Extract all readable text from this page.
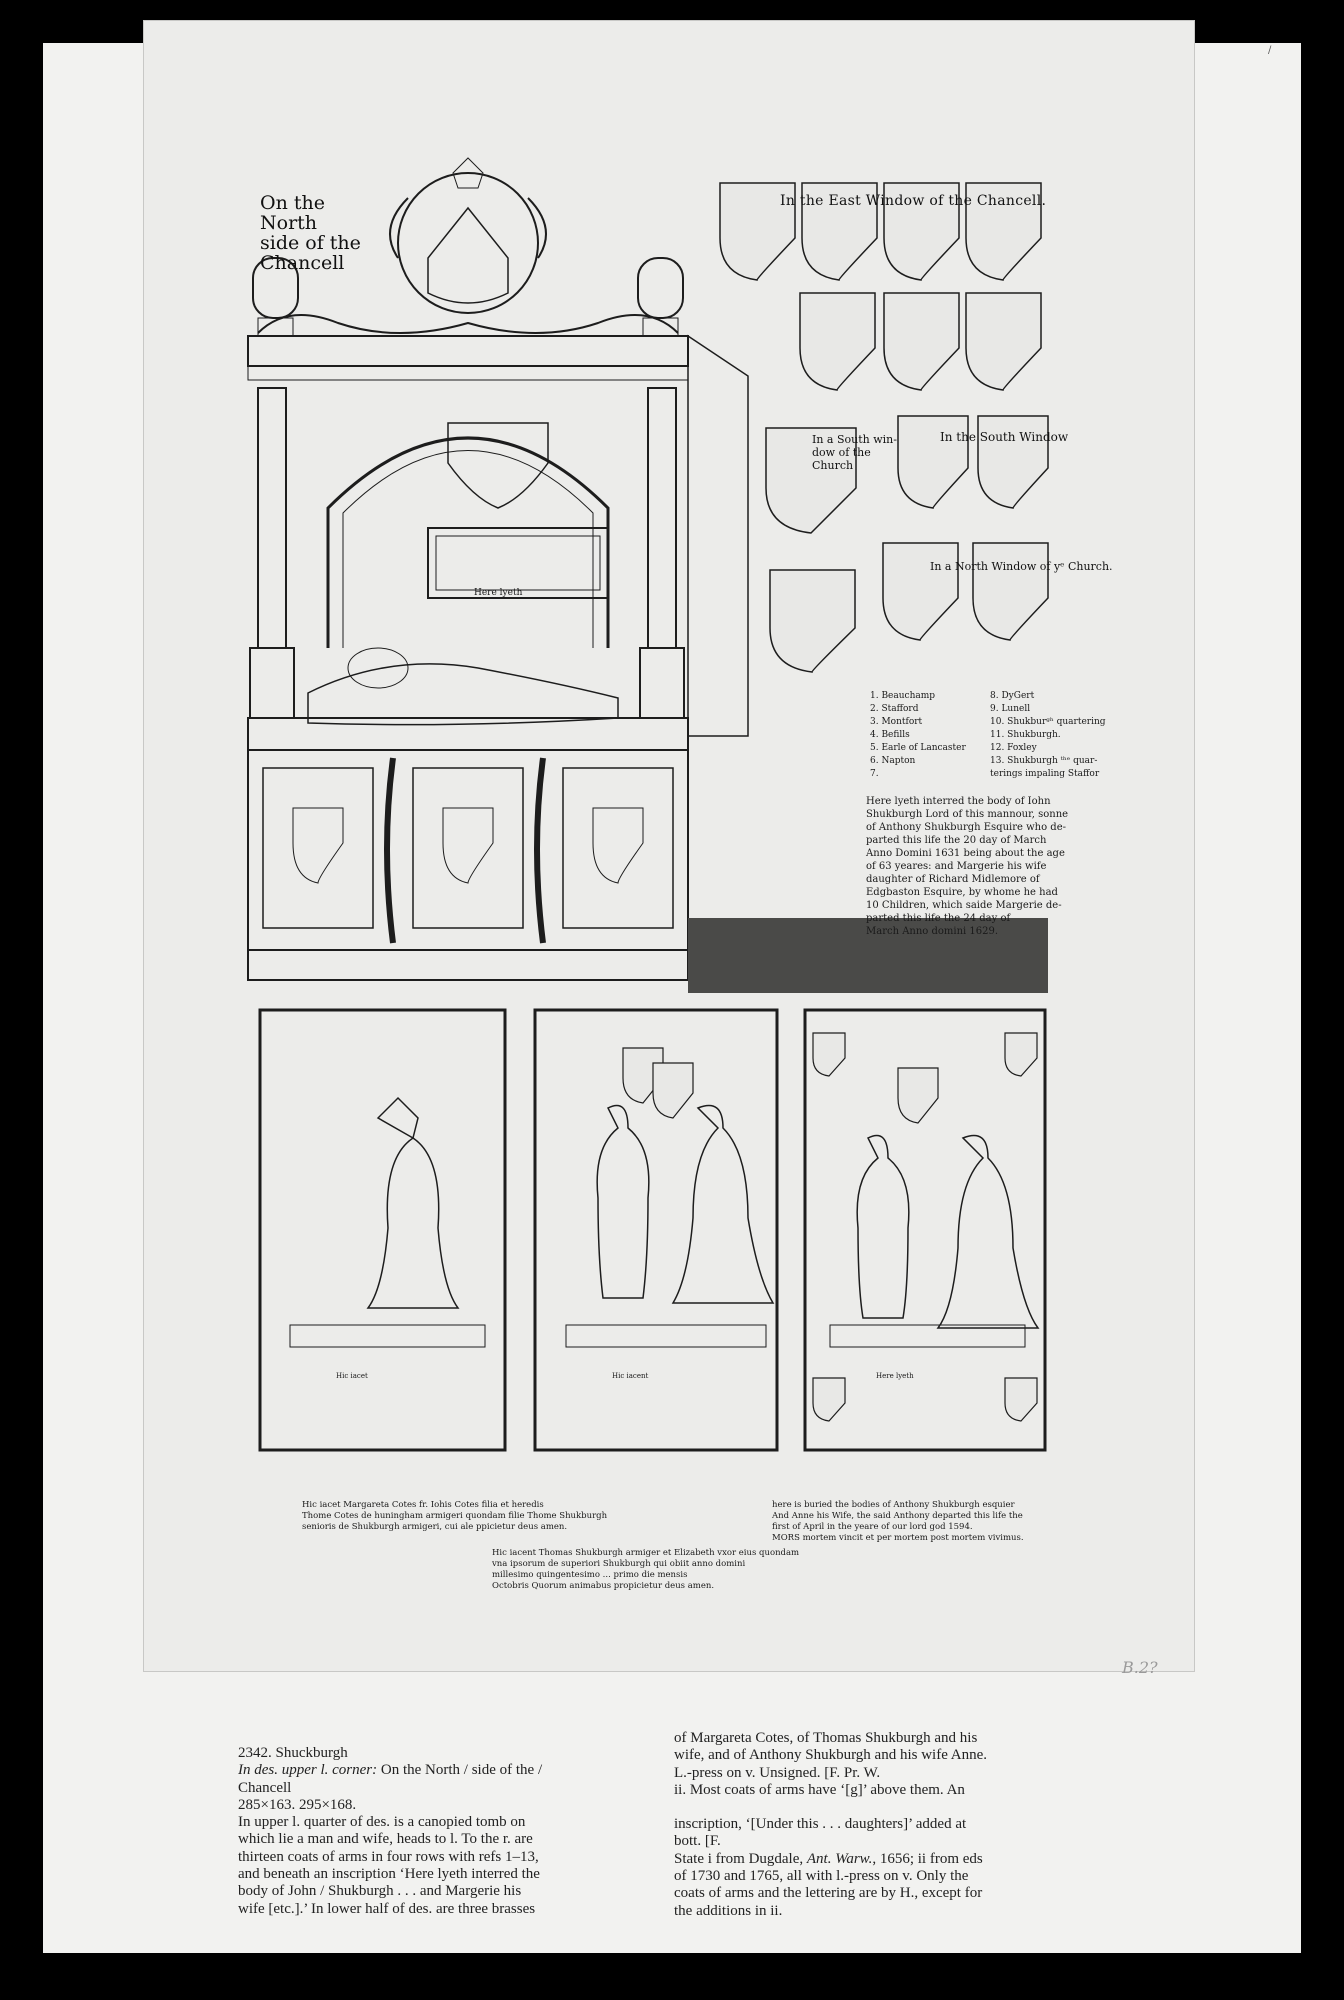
/
On the North
side of the
Chancell
In the East Window of the Chancell.
In a South win-
dow of the Church
In the South Window
In a North Window of yᵉ Church.
Here lyeth
1. Beauchamp
2. Stafford
3. Montfort
4. Befills
5. Earle of Lancaster
6. Napton
7.
8. DyGert
9. Lunell
10. Shukburᵍʰ quartering
11. Shukburgh.
12. Foxley
13. Shukburgh ᵗʰᵉ quar-
terings impaling Staffor
Here lyeth interred the body of Iohn
Shukburgh Lord of this mannour, sonne
of Anthony Shukburgh Esquire who de-
parted this life the 20 day of March
Anno Domini 1631 being about the age
of 63 yeares: and Margerie his wife
daughter of Richard Midlemore of
Edgbaston Esquire, by whome he had
10 Children, which saide Margerie de-
parted this life the 24 day of
March Anno domini 1629.
Hic iacet	Hic iacent	Here lyeth
Hic iacet Margareta Cotes fr. Iohis Cotes filia et heredis
Thome Cotes de huningham armigeri quondam filie Thome Shukburgh
senioris de Shukburgh armigeri, cui ale ppicietur deus amen.
here is buried the bodies of Anthony Shukburgh esquier
And Anne his Wife, the said Anthony departed this life the
first of April in the yeare of our lord god 1594.
MORS mortem vincit et per mortem post mortem vivimus.
Hic iacent Thomas Shukburgh armiger et Elizabeth vxor eius quondam
vna ipsorum de superiori Shukburgh qui obiit anno domini
millesimo quingentesimo ... primo die mensis
Octobris Quorum animabus propicietur deus amen.
B.2?
2342. Shuckburgh
In des. upper l. corner: On the North / side of the /
Chancell
285×163. 295×168.
In upper l. quarter of des. is a canopied tomb on
which lie a man and wife, heads to l. To the r. are
thirteen coats of arms in four rows with refs 1–13,
and beneath an inscription ‘Here lyeth interred the
body of John / Shukburgh . . . and Margerie his
wife [etc.].’ In lower half of des. are three brasses
of Margareta Cotes, of Thomas Shukburgh and his
wife, and of Anthony Shukburgh and his wife Anne.
L.-press on v. Unsigned. [F. Pr. W.
ii. Most coats of arms have ‘[g]’ above them. An
inscription, ‘[Under this . . . daughters]’ added at
bott. [F.
State i from Dugdale, Ant. Warw., 1656; ii from eds
of 1730 and 1765, all with l.-press on v. Only the
coats of arms and the lettering are by H., except for
the additions in ii.
